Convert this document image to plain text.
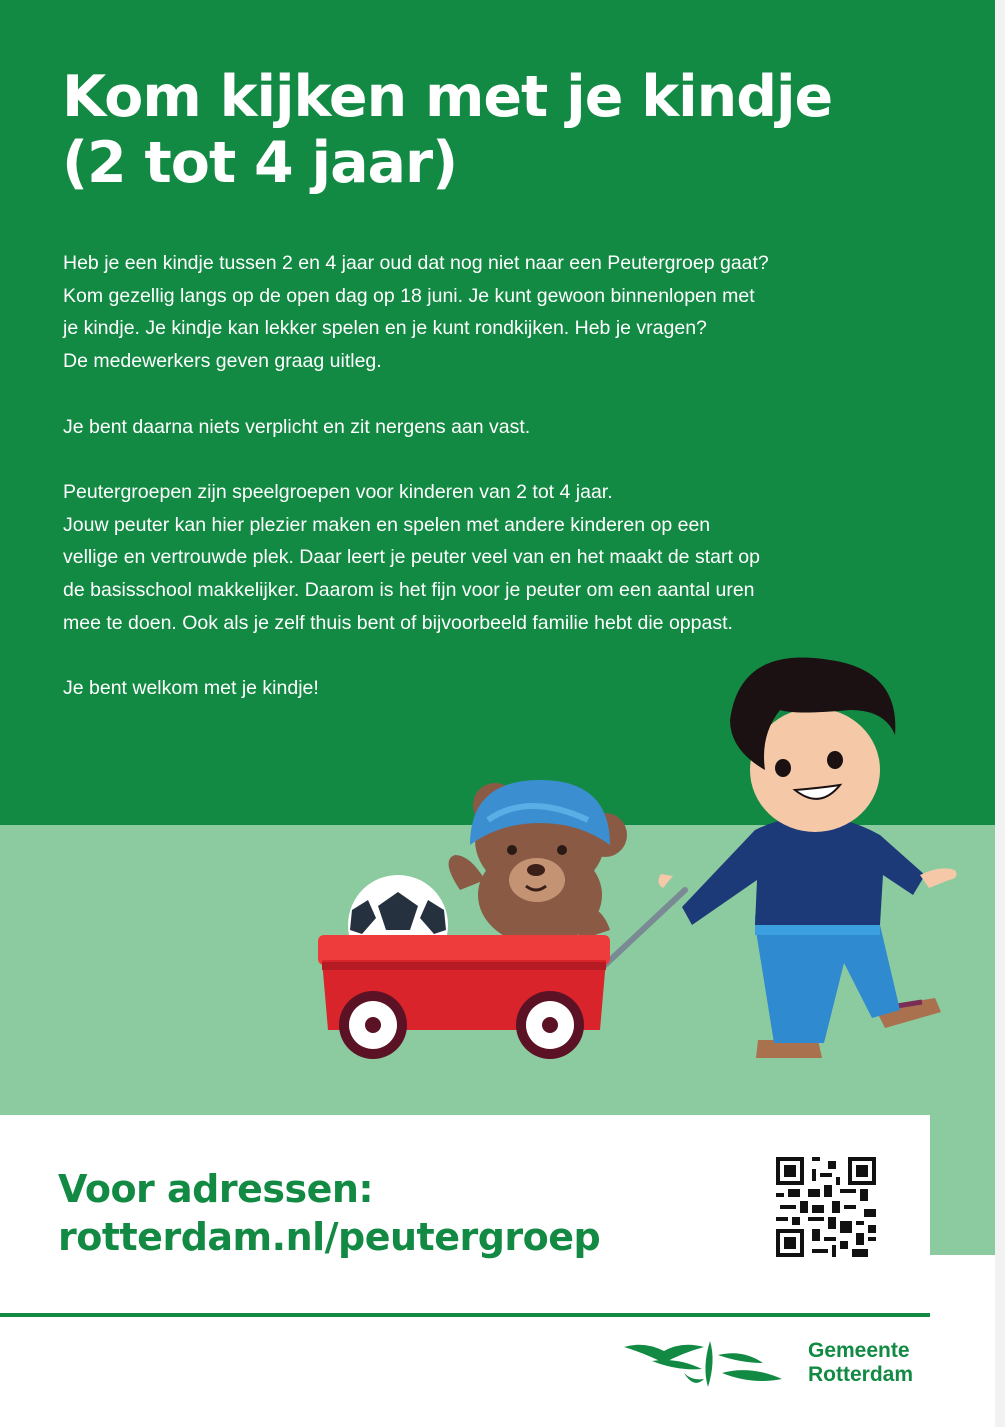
Kom kijken met je kindje
(2 tot 4 jaar)

Heb je een kindje tussen 2 en 4 jaar oud dat nog niet naar een Peutergroep gaat?
Kom gezellig langs op de open dag op 18 juni. Je kunt gewoon binnenlopen met
je kindje. Je kindje kan lekker spelen en je kunt rondkijken. Heb je vragen?
De medewerkers geven graag uitleg.

Je bent daarna niets verplicht en zit nergens aan vast.

Peutergroepen zijn speelgroepen voor kinderen van 2 tot 4 jaar.
Jouw peuter kan hier plezier maken en spelen met andere kinderen op een
vellige en vertrouwde plek. Daar leert je peuter veel van en het maakt de start op
de basisschool makkelijker. Daarom is het fijn voor je peuter om een aantal uren
mee te doen. Ook als je zelf thuis bent of bijvoorbeeld familie hebt die oppast.

Je bent welkom met je kindje!

Voor adressen:
rotterdam.nl/peutergroep
Gemeente
Rotterdam
